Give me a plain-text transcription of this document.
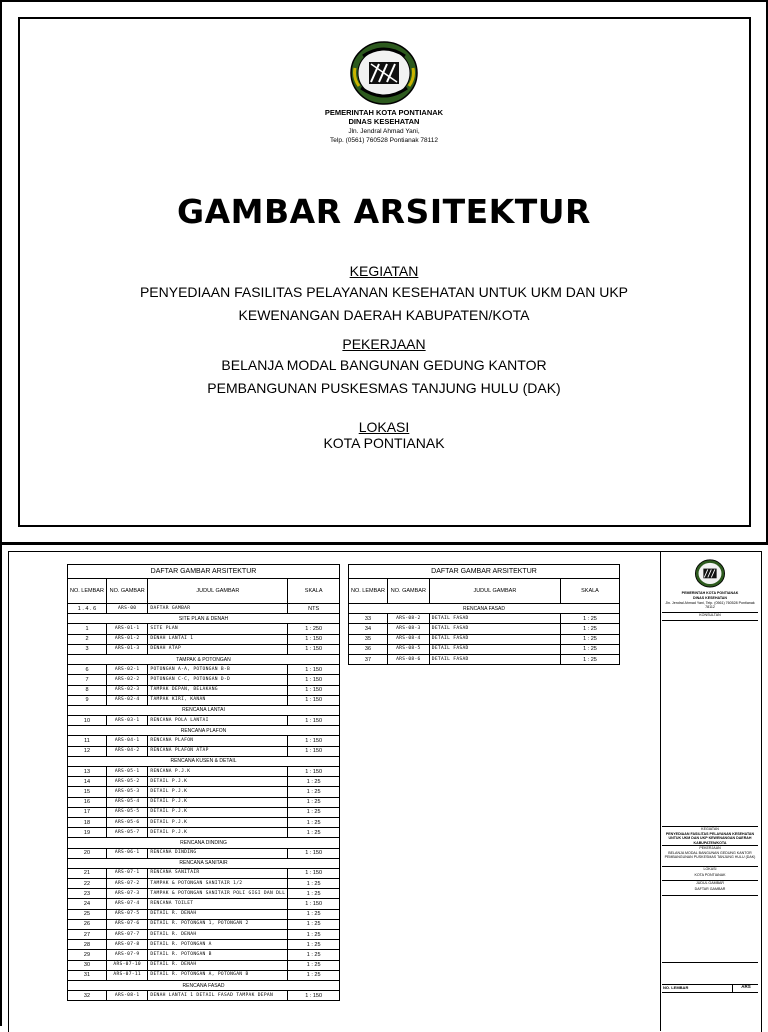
PEMERINTAH KOTA PONTIANAK
DINAS KESEHATAN
Jln. Jendral Ahmad Yani,
Telp. (0561) 760528 Pontianak 78112
GAMBAR ARSITEKTUR
KEGIATAN
PENYEDIAAN FASILITAS PELAYANAN KESEHATAN UNTUK UKM DAN UKP
KEWENANGAN DAERAH KABUPATEN/KOTA
PEKERJAAN
BELANJA MODAL BANGUNAN GEDUNG KANTOR
PEMBANGUNAN PUSKESMAS TANJUNG HULU (DAK)
LOKASI
KOTA PONTIANAK
DAFTAR GAMBAR ARSITEKTUR			
NO. LEMBAR	NO. GAMBAR	JUDUL GAMBAR	SKALA
1 . 4 . 6	ARS-00	DAFTAR GAMBAR	NTS
SITE PLAN & DENAH			
1	ARS-01-1	SITE PLAN	1 : 250
2	ARS-01-2	DENAH LANTAI 1	1 : 150
3	ARS-01-3	DENAH ATAP	1 : 150
TAMPAK & POTONGAN			
6	ARS-02-1	POTONGAN A-A, POTONGAN B-B	1 : 150
7	ARS-02-2	POTONGAN C-C, POTONGAN D-D	1 : 150
8	ARS-02-3	TAMPAK DEPAN, BELAKANG	1 : 150
9	ARS-02-4	TAMPAK KIRI, KANAN	1 : 150
RENCANA LANTAI			
10	ARS-03-1	RENCANA POLA LANTAI	1 : 150
RENCANA PLAFON			
11	ARS-04-1	RENCANA PLAFON	1 : 150
12	ARS-04-2	RENCANA PLAFON ATAP	1 : 150
RENCANA KUSEN & DETAIL			
13	ARS-05-1	RENCANA P.J.K	1 : 150
14	ARS-05-2	DETAIL P.J.K	1 : 25
15	ARS-05-3	DETAIL P.J.K	1 : 25
16	ARS-05-4	DETAIL P.J.K	1 : 25
17	ARS-05-5	DETAIL P.J.K	1 : 25
18	ARS-05-6	DETAIL P.J.K	1 : 25
19	ARS-05-7	DETAIL P.J.K	1 : 25
RENCANA DINDING			
20	ARS-06-1	RENCANA DINDING	1 : 150
RENCANA SANITAIR			
21	ARS-07-1	RENCANA SANITAIR	1 : 150
22	ARS-07-2	TAMPAK & POTONGAN SANITAIR 1/2	1 : 25
23	ARS-07-3	TAMPAK & POTONGAN SANITAIR POLI GIGI DAN DLL	1 : 25
24	ARS-07-4	RENCANA TOILET	1 : 150
25	ARS-07-5	DETAIL R. DENAH	1 : 25
26	ARS-07-6	DETAIL R. POTONGAN 1, POTONGAN 2	1 : 25
27	ARS-07-7	DETAIL R. DENAH	1 : 25
28	ARS-07-8	DETAIL R. POTONGAN A	1 : 25
29	ARS-07-9	DETAIL R. POTONGAN B	1 : 25
30	ARS-07-10	DETAIL R. DENAH	1 : 25
31	ARS-07-11	DETAIL R. POTONGAN A, POTONGAN B	1 : 25
RENCANA FASAD			
32	ARS-08-1	DENAH LANTAI 1 DETAIL FASAD TAMPAK DEPAN	1 : 150
DAFTAR GAMBAR ARSITEKTUR			
NO. LEMBAR	NO. GAMBAR	JUDUL GAMBAR	SKALA
RENCANA FASAD			
33	ARS-08-2	DETAIL FASAD	1 : 25
34	ARS-08-3	DETAIL FASAD	1 : 25
35	ARS-08-4	DETAIL FASAD	1 : 25
36	ARS-08-5	DETAIL FASAD	1 : 25
37	ARS-08-6	DETAIL FASAD	1 : 25
PEMERINTAH KOTA PONTIANAK
DINAS KESEHATAN
Jln. Jendral Ahmad Yani, Telp. (0561) 760528 Pontianak 78112
KONSULTAN
KEGIATAN
PENYEDIAAN FASILITAS PELAYANAN KESEHATAN UNTUK UKM DAN UKP KEWENANGAN DAERAH KABUPATEN/KOTA
PEKERJAAN
BELANJA MODAL BANGUNAN GEDUNG KANTOR PEMBANGUNAN PUSKESMAS TANJUNG HULU (DAK)
LOKASI
KOTA PONTIANAK
JUDUL GAMBAR
DAFTAR GAMBAR
NO. LEMBAR	ARS
